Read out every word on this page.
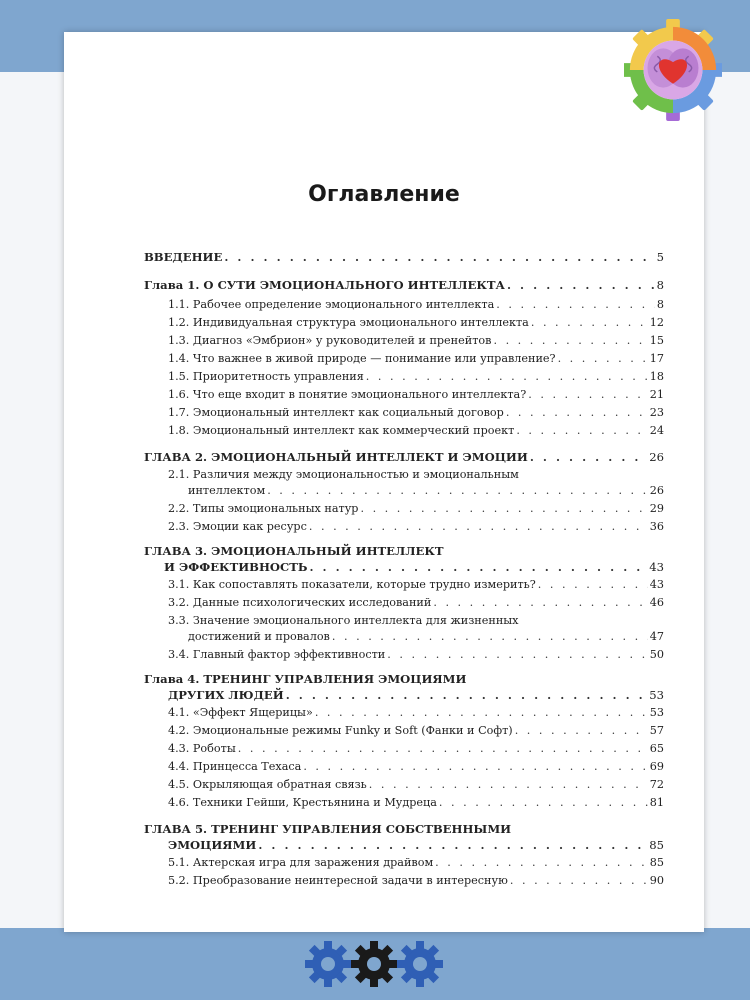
Оглавление
ВВЕДЕНИЕ . . .	5
Глава 1. О СУТИ ЭМОЦИОНАЛЬНОГО ИНТЕЛЛЕКТА . . .	8
1.1. Рабочее определение эмоционального интеллекта . . .	8
1.2. Индивидуальная структура эмоционального интеллекта . . .	12
1.3. Диагноз «Эмбрион» у руководителей и пренейтов . . .	15
1.4. Что важнее в живой природе — понимание или управление? . . .	17
1.5. Приоритетность управления . . .	18
1.6. Что еще входит в понятие эмоционального интеллекта? . . .	21
1.7. Эмоциональный интеллект как социальный договор . . .	23
1.8. Эмоциональный интеллект как коммерческий проект . . .	24
ГЛАВА 2. ЭМОЦИОНАЛЬНЫЙ ИНТЕЛЛЕКТ И ЭМОЦИИ . . .	26
2.1. Различия между эмоциональностью и эмоциональным
интеллектом . . .	26
2.2. Типы эмоциональных натур . . .	29
2.3. Эмоции как ресурс . . .	36
ГЛАВА 3. ЭМОЦИОНАЛЬНЫЙ ИНТЕЛЛЕКТ
И ЭФФЕКТИВНОСТЬ . . .	43
3.1. Как сопоставлять показатели, которые трудно измерить? . . .	43
3.2. Данные психологических исследований . . .	46
3.3. Значение эмоционального интеллекта для жизненных
достижений и провалов . . .	47
3.4. Главный фактор эффективности . . .	50
Глава 4. ТРЕНИНГ УПРАВЛЕНИЯ ЭМОЦИЯМИ
ДРУГИХ ЛЮДЕЙ . . .	53
4.1. «Эффект Ящерицы» . . .	53
4.2. Эмоциональные режимы Funky и Soft (Фанки и Софт) . . .	57
4.3. Роботы . . .	65
4.4. Принцесса Техаса . . .	69
4.5. Окрыляющая обратная связь . . .	72
4.6. Техники Гейши, Крестьянина и Мудреца . . .	81
ГЛАВА 5. ТРЕНИНГ УПРАВЛЕНИЯ СОБСТВЕННЫМИ
ЭМОЦИЯМИ . . .	85
5.1. Актерская игра для заражения драйвом . . .	85
5.2. Преобразование неинтересной задачи в интересную . . .	90
